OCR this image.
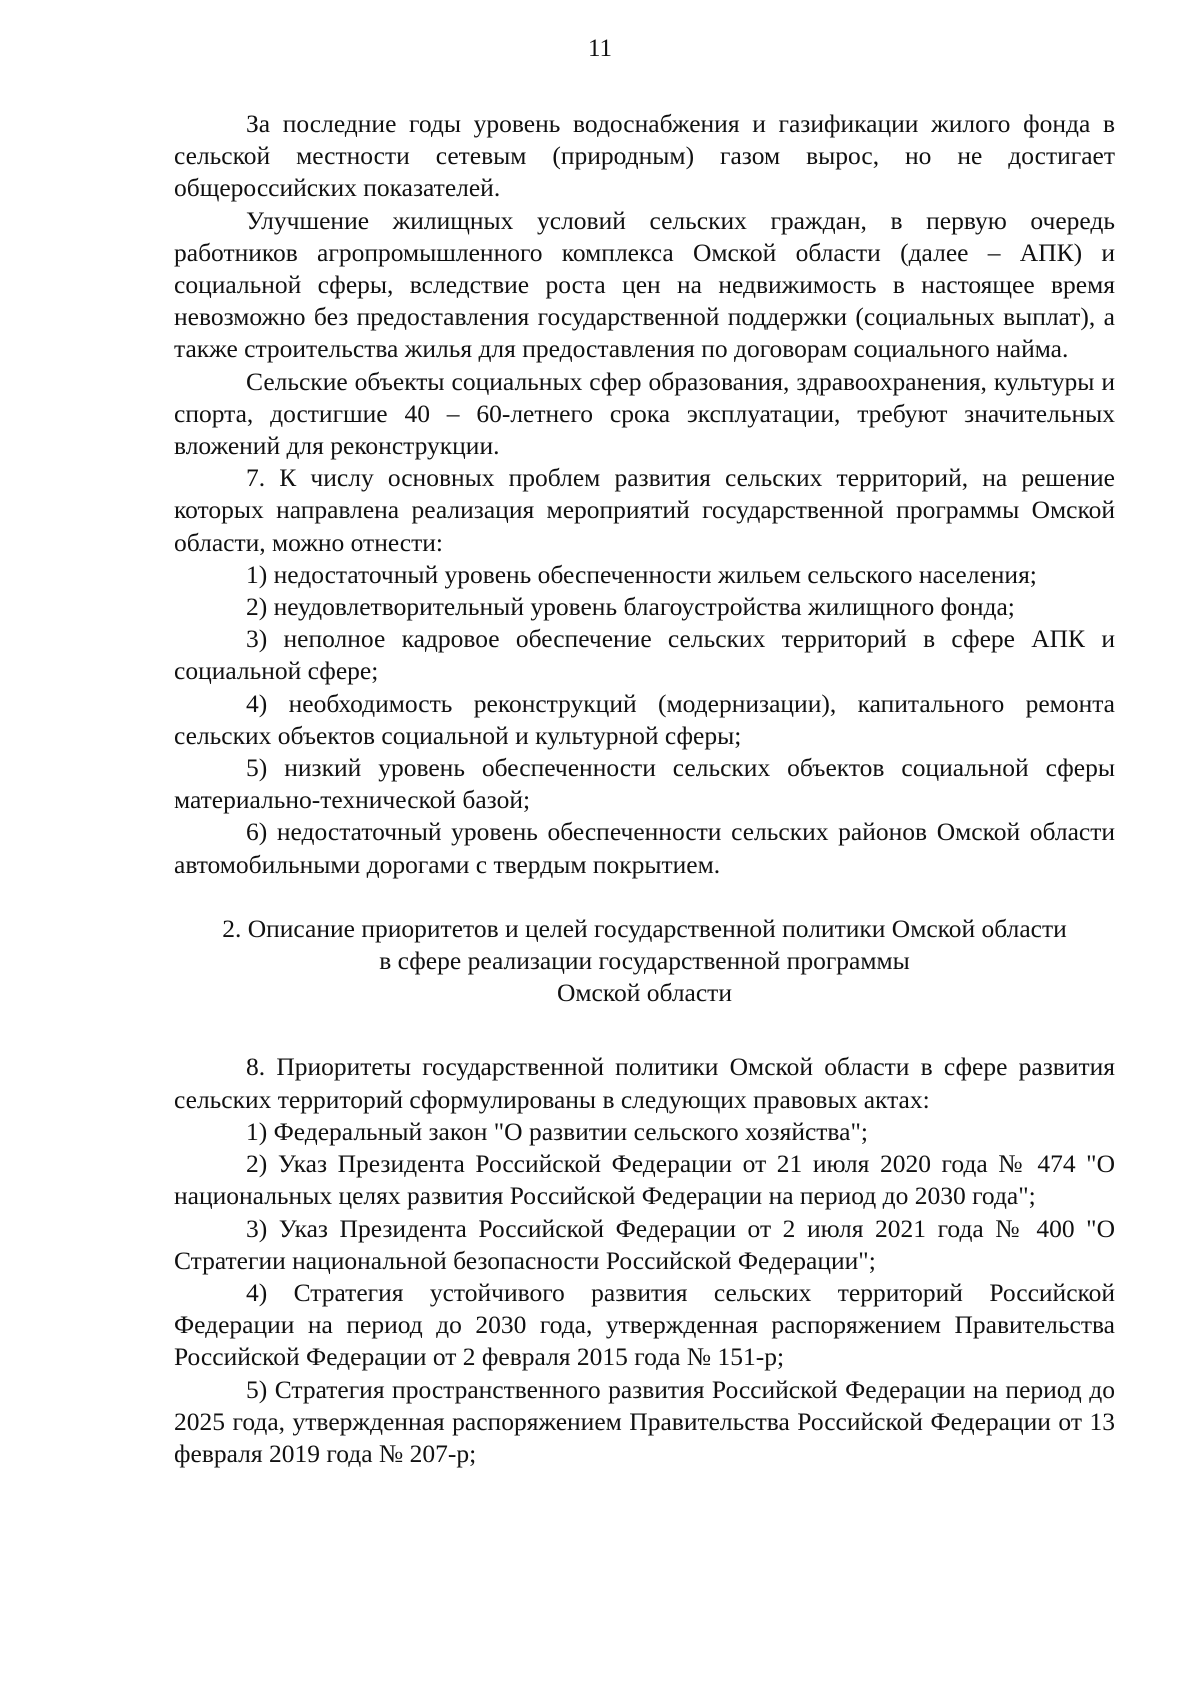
11

За последние годы уровень водоснабжения и газификации жилого фонда в сельской местности сетевым (природным) газом вырос, но не достигает общероссийских показателей.

Улучшение жилищных условий сельских граждан, в первую очередь работников агропромышленного комплекса Омской области (далее – АПК) и социальной сферы, вследствие роста цен на недвижимость в настоящее время невозможно без предоставления государственной поддержки (социальных выплат), а также строительства жилья для предоставления по договорам социального найма.

Сельские объекты социальных сфер образования, здравоохранения, культуры и спорта, достигшие 40 – 60-летнего срока эксплуатации, требуют значительных вложений для реконструкции.

7. К числу основных проблем развития сельских территорий, на решение которых направлена реализация мероприятий государственной программы Омской области, можно отнести:

1) недостаточный уровень обеспеченности жильем сельского населения;

2) неудовлетворительный уровень благоустройства жилищного фонда;

3) неполное кадровое обеспечение сельских территорий в сфере АПК и социальной сфере;

4) необходимость реконструкций (модернизации), капитального ремонта сельских объектов социальной и культурной сферы;

5) низкий уровень обеспеченности сельских объектов социальной сферы материально-технической базой;

6) недостаточный уровень обеспеченности сельских районов Омской области автомобильными дорогами с твердым покрытием.

2. Описание приоритетов и целей государственной политики Омской области
в сфере реализации государственной программы
Омской области

8. Приоритеты государственной политики Омской области в сфере развития сельских территорий сформулированы в следующих правовых актах:

1) Федеральный закон "О развитии сельского хозяйства";

2) Указ Президента Российской Федерации от 21 июля 2020 года № 474 "О национальных целях развития Российской Федерации на период до 2030 года";

3) Указ Президента Российской Федерации от 2 июля 2021 года № 400 "О Стратегии национальной безопасности Российской Федерации";

4) Стратегия устойчивого развития сельских территорий Российской Федерации на период до 2030 года, утвержденная распоряжением Правительства Российской Федерации от 2 февраля 2015 года № 151-р;

5) Стратегия пространственного развития Российской Федерации на период до 2025 года, утвержденная распоряжением Правительства Российской Федерации от 13 февраля 2019 года № 207-р;
